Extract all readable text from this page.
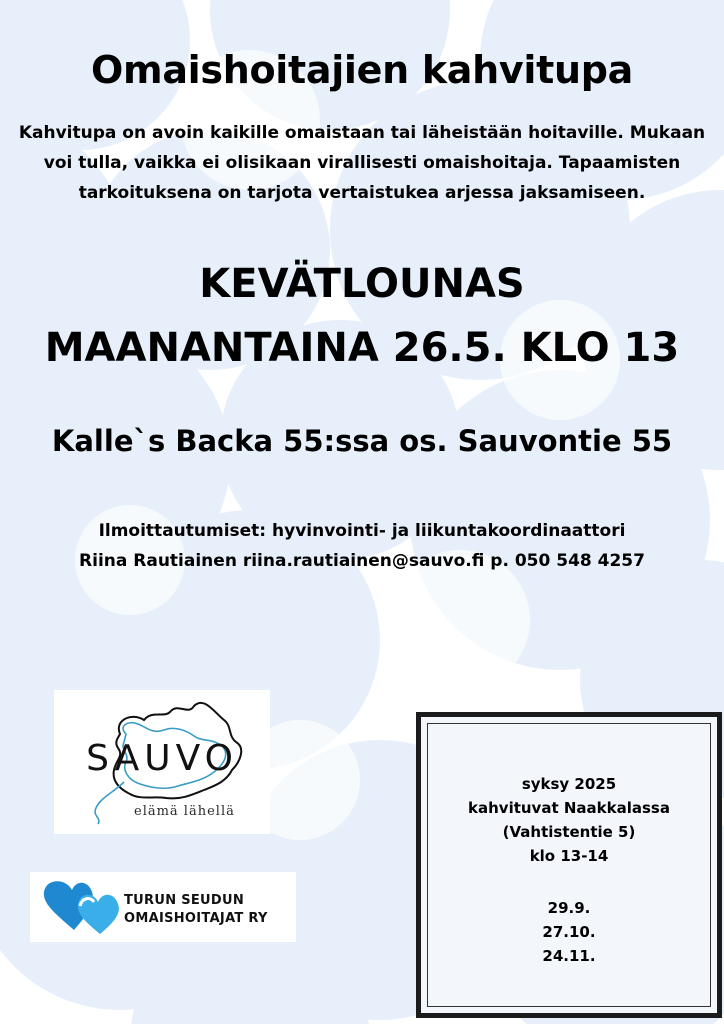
Omaishoitajien kahvitupa
Kahvitupa on avoin kaikille omaistaan tai läheistään hoitaville. Mukaan
voi tulla, vaikka ei olisikaan virallisesti omaishoitaja. Tapaamisten
tarkoituksena on tarjota vertaistukea arjessa jaksamiseen.
KEVÄTLOUNAS
MAANANTAINA 26.5. KLO 13
Kalle`s Backa 55:ssa os. Sauvontie 55
Ilmoittautumiset: hyvinvointi- ja liikuntakoordinaattori
Riina Rautiainen riina.rautiainen@sauvo.fi p. 050 548 4257
SAUVO
elämä lähellä
TURUN SEUDUN
OMAISHOITAJAT RY
syksy 2025
kahvituvat Naakkalassa
(Vahtistentie 5)
klo 13-14
29.9.
27.10.
24.11.
